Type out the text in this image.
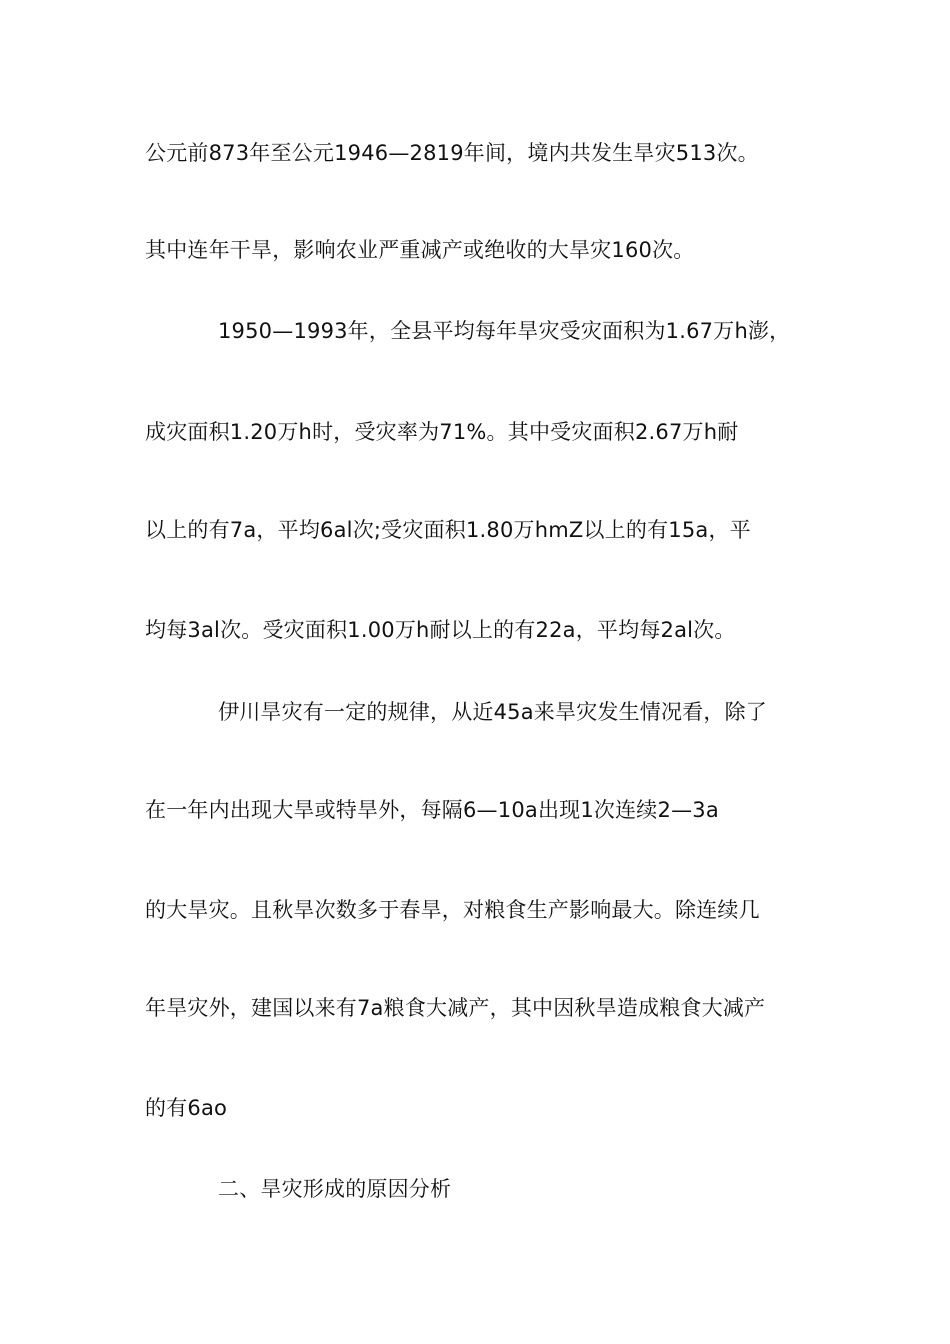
公元前873年至公元1946—2819年间，境内共发生旱灾513次。
其中连年干旱，影响农业严重减产或绝收的大旱灾160次。
1950—1993年，全县平均每年旱灾受灾面积为1.67万h澎，
成灾面积1.20万h时，受灾率为71%。其中受灾面积2.67万h耐
以上的有7a，平均6al次;受灾面积1.80万hmZ以上的有15a，平
均每3al次。受灾面积1.00万h耐以上的有22a，平均每2al次。
伊川旱灾有一定的规律，从近45a来旱灾发生情况看，除了
在一年内出现大旱或特旱外，每隔6—10a出现1次连续2—3a
的大旱灾。且秋旱次数多于春旱，对粮食生产影响最大。除连续几
年旱灾外，建国以来有7a粮食大减产，其中因秋旱造成粮食大减产
的有6ao
二、旱灾形成的原因分析
